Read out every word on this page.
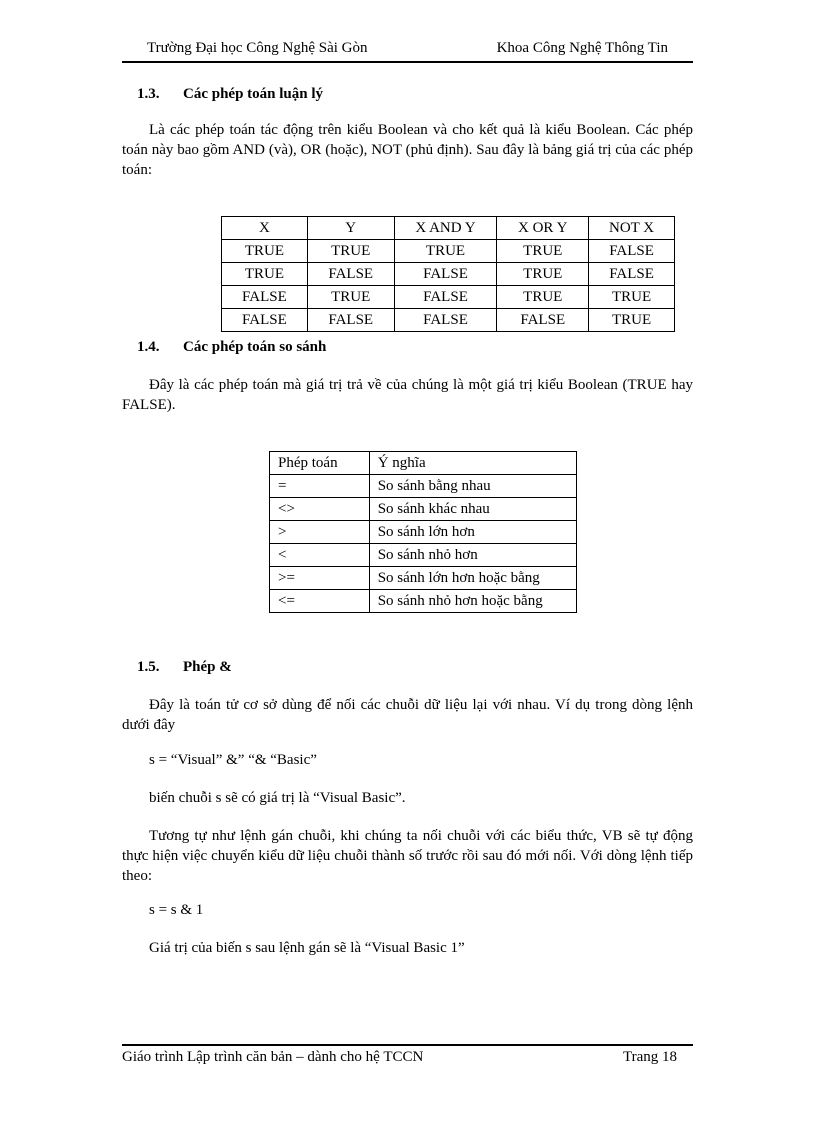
Trường Đại học Công Nghệ Sài Gòn	Khoa Công Nghệ Thông Tin
1.3. Các phép toán luận lý
Là các phép toán tác động trên kiểu Boolean và cho kết quả là kiểu Boolean. Các phép toán này bao gồm AND (và), OR (hoặc), NOT (phủ định). Sau đây là bảng giá trị của các phép toán:
X	Y	X AND Y	X OR Y	NOT X
TRUE	TRUE	TRUE	TRUE	FALSE
TRUE	FALSE	FALSE	TRUE	FALSE
FALSE	TRUE	FALSE	TRUE	TRUE
FALSE	FALSE	FALSE	FALSE	TRUE
1.4. Các phép toán so sánh
Đây là các phép toán mà giá trị trả về của chúng là một giá trị kiểu Boolean (TRUE hay FALSE).
Phép toán	Ý nghĩa
=	So sánh bằng nhau
<>	So sánh khác nhau
>	So sánh lớn hơn
<	So sánh nhỏ hơn
>=	So sánh lớn hơn hoặc bằng
<=	So sánh nhỏ hơn hoặc bằng
1.5. Phép &
Đây là toán tử cơ sở dùng để nối các chuỗi dữ liệu lại với nhau. Ví dụ trong dòng lệnh dưới đây
s = “Visual” &” “& “Basic”
biến chuỗi s sẽ có giá trị là “Visual Basic”.
Tương tự như lệnh gán chuỗi, khi chúng ta nối chuỗi với các biểu thức, VB sẽ tự động thực hiện việc chuyển kiểu dữ liệu chuỗi thành số trước rồi sau đó mới nối. Với dòng lệnh tiếp theo:
s = s & 1
Giá trị của biến s sau lệnh gán sẽ là “Visual Basic 1”
Giáo trình Lập trình căn bản – dành cho hệ TCCN	Trang 18
